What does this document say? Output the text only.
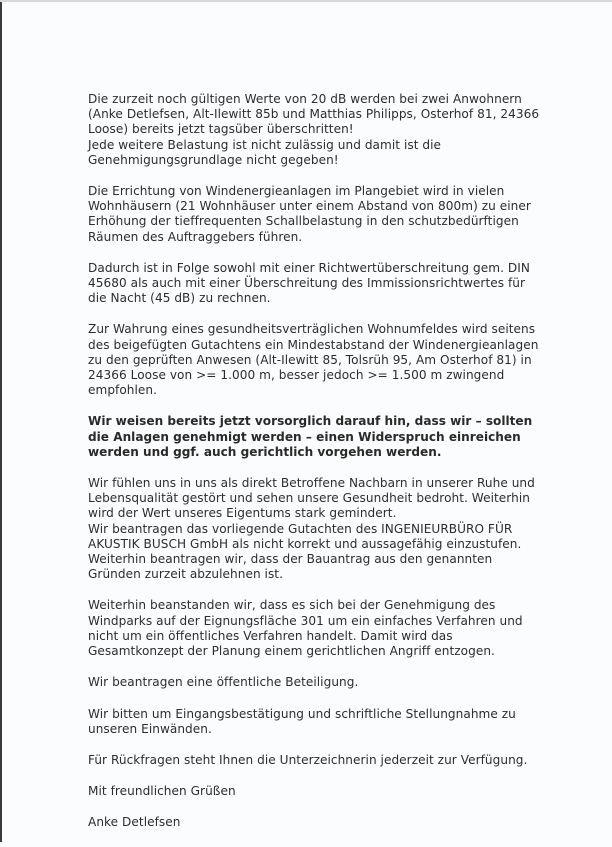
Die zurzeit noch gültigen Werte von 20 dB werden bei zwei Anwohnern
(Anke Detlefsen, Alt-Ilewitt 85b und Matthias Philipps, Osterhof 81, 24366
Loose) bereits jetzt tagsüber überschritten!
Jede weitere Belastung ist nicht zulässig und damit ist die
Genehmigungsgrundlage nicht gegeben!

Die Errichtung von Windenergieanlagen im Plangebiet wird in vielen
Wohnhäusern (21 Wohnhäuser unter einem Abstand von 800m) zu einer
Erhöhung der tieffrequenten Schallbelastung in den schutzbedürftigen
Räumen des Auftraggebers führen.

Dadurch ist in Folge sowohl mit einer Richtwertüberschreitung gem. DIN
45680 als auch mit einer Überschreitung des Immissionsrichtwertes für
die Nacht (45 dB) zu rechnen.

Zur Wahrung eines gesundheitsverträglichen Wohnumfeldes wird seitens
des beigefügten Gutachtens ein Mindestabstand der Windenergieanlagen
zu den geprüften Anwesen (Alt-Ilewitt 85, Tolsrüh 95, Am Osterhof 81) in
24366 Loose von >= 1.000 m, besser jedoch >= 1.500 m zwingend
empfohlen.

Wir weisen bereits jetzt vorsorglich darauf hin, dass wir – sollten
die Anlagen genehmigt werden – einen Widerspruch einreichen
werden und ggf. auch gerichtlich vorgehen werden.

Wir fühlen uns in uns als direkt Betroffene Nachbarn in unserer Ruhe und
Lebensqualität gestört und sehen unsere Gesundheit bedroht. Weiterhin
wird der Wert unseres Eigentums stark gemindert.
Wir beantragen das vorliegende Gutachten des INGENIEURBÜRO FÜR
AKUSTIK BUSCH GmbH als nicht korrekt und aussagefähig einzustufen.
Weiterhin beantragen wir, dass der Bauantrag aus den genannten
Gründen zurzeit abzulehnen ist.

Weiterhin beanstanden wir, dass es sich bei der Genehmigung des
Windparks auf der Eignungsfläche 301 um ein einfaches Verfahren und
nicht um ein öffentliches Verfahren handelt. Damit wird das
Gesamtkonzept der Planung einem gerichtlichen Angriff entzogen.

Wir beantragen eine öffentliche Beteiligung.

Wir bitten um Eingangsbestätigung und schriftliche Stellungnahme zu
unseren Einwänden.

Für Rückfragen steht Ihnen die Unterzeichnerin jederzeit zur Verfügung.

Mit freundlichen Grüßen

Anke Detlefsen
